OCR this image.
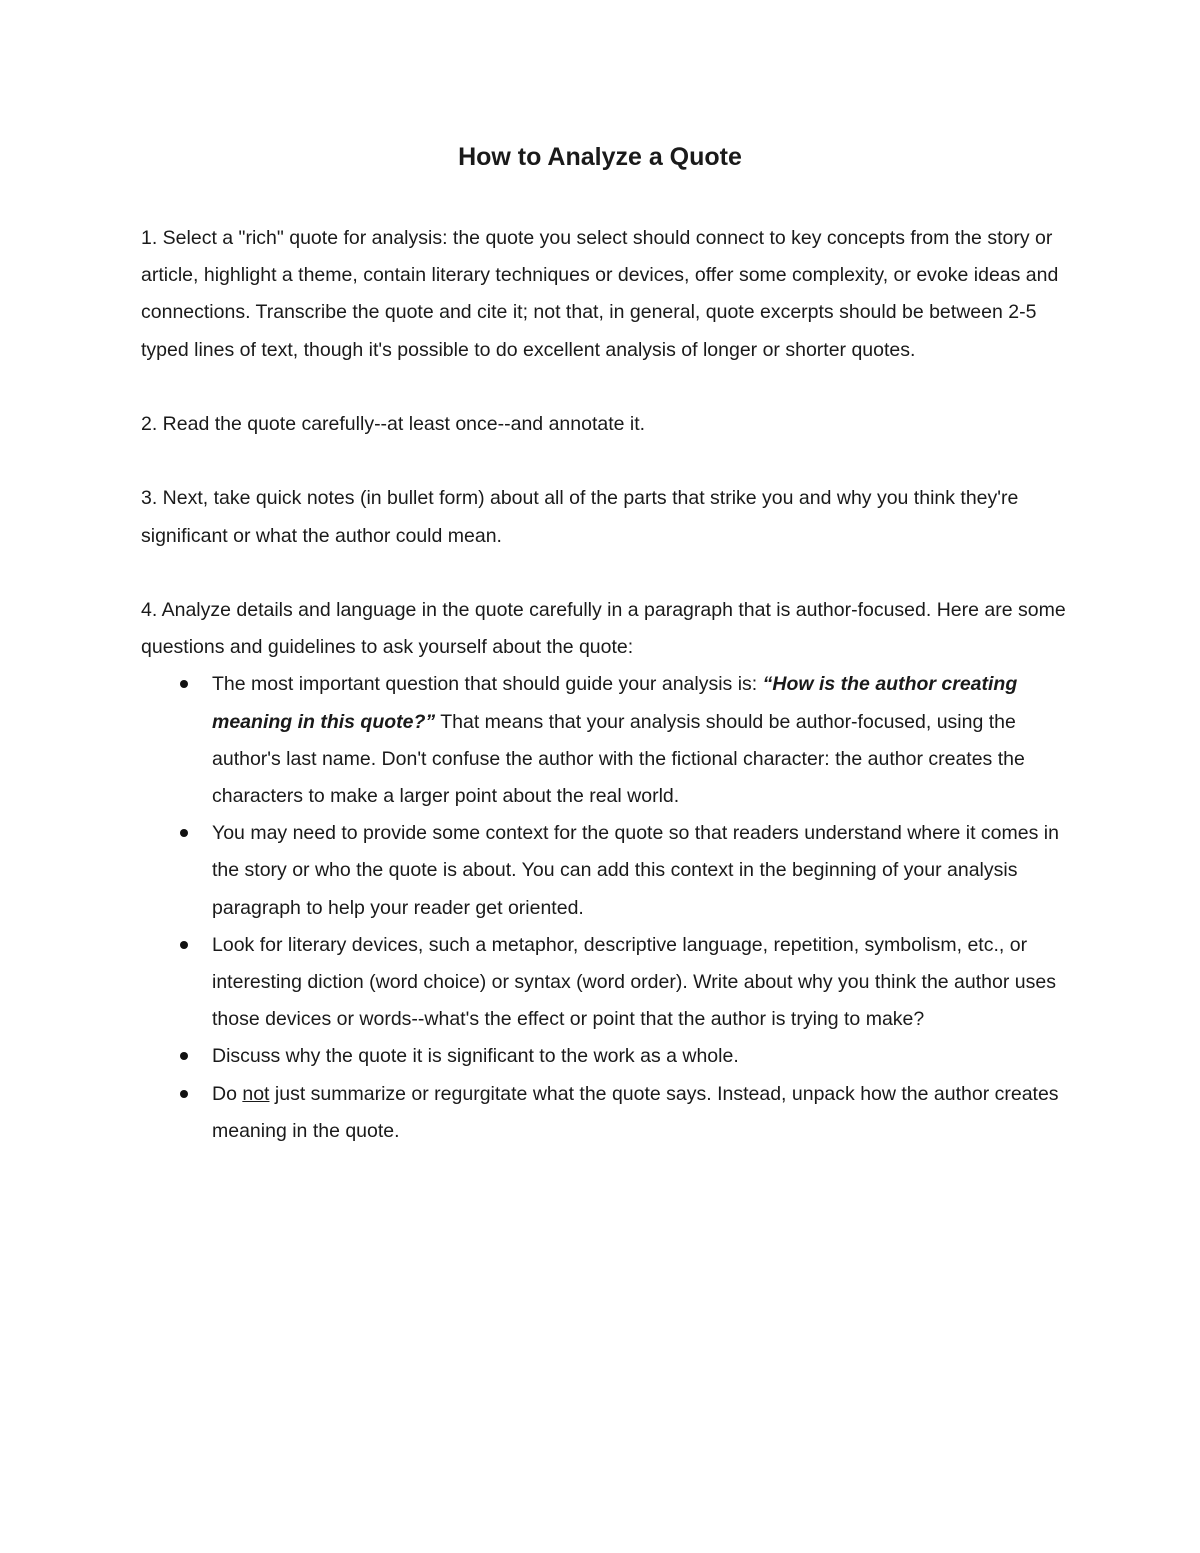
How to Analyze a Quote

1. Select a "rich" quote for analysis: the quote you select should connect to key concepts from the story or article, highlight a theme, contain literary techniques or devices, offer some complexity, or evoke ideas and connections. Transcribe the quote and cite it; not that, in general, quote excerpts should be between 2-5 typed lines of text, though it's possible to do excellent analysis of longer or shorter quotes.

2. Read the quote carefully--at least once--and annotate it.

3. Next, take quick notes (in bullet form) about all of the parts that strike you and why you think they're significant or what the author could mean.

4. Analyze details and language in the quote carefully in a paragraph that is author-focused. Here are some questions and guidelines to ask yourself about the quote:

The most important question that should guide your analysis is: “How is the author creating meaning in this quote?” That means that your analysis should be author-focused, using the author's last name. Don't confuse the author with the fictional character: the author creates the characters to make a larger point about the real world.
You may need to provide some context for the quote so that readers understand where it comes in the story or who the quote is about. You can add this context in the beginning of your analysis paragraph to help your reader get oriented.
Look for literary devices, such a metaphor, descriptive language, repetition, symbolism, etc., or interesting diction (word choice) or syntax (word order). Write about why you think the author uses those devices or words--what's the effect or point that the author is trying to make?
Discuss why the quote it is significant to the work as a whole.
Do not just summarize or regurgitate what the quote says. Instead, unpack how the author creates meaning in the quote.
